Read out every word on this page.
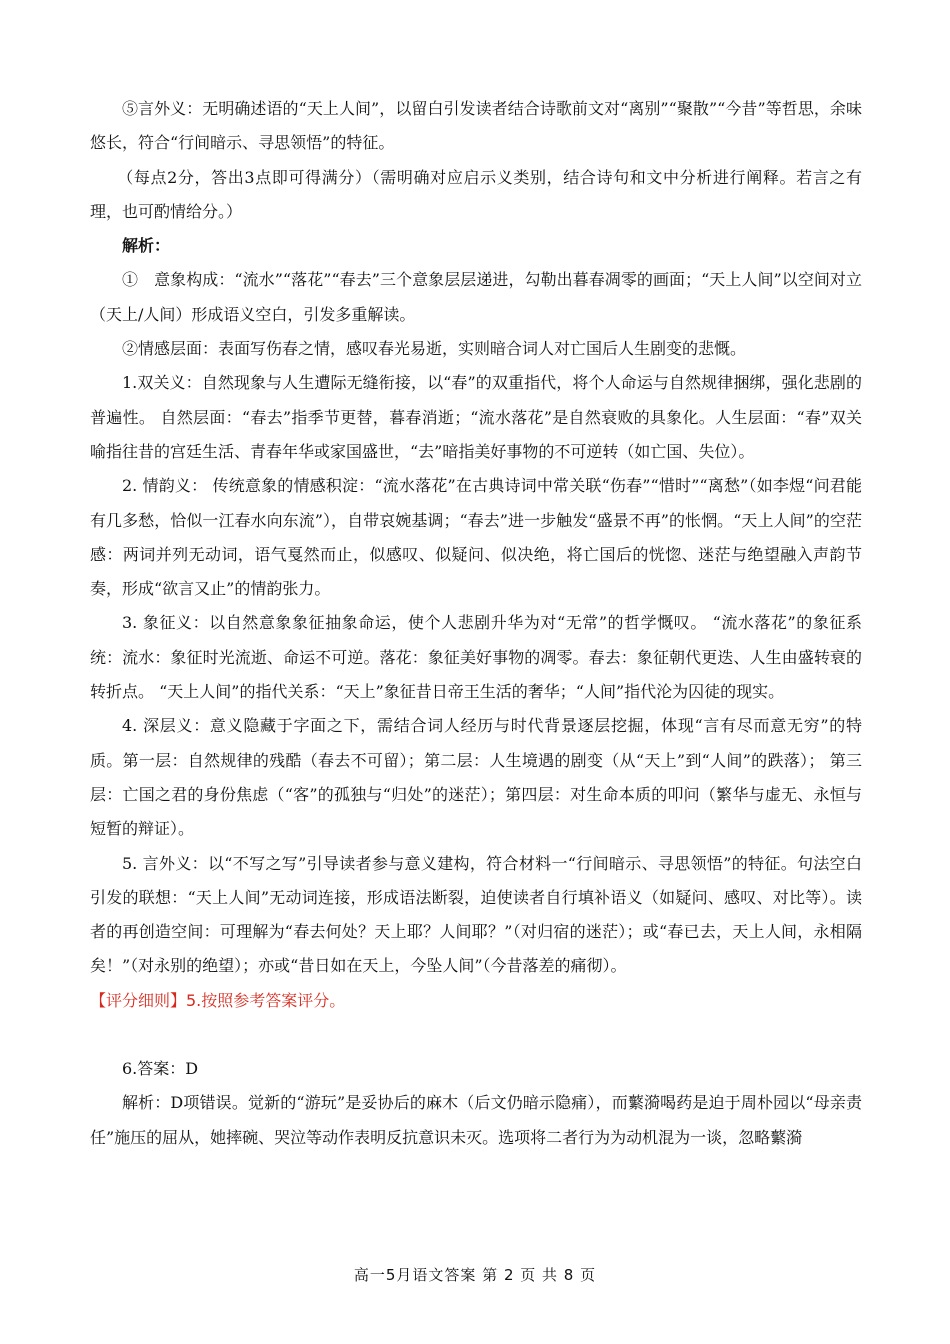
⑤言外义：无明确述语的“天上人间”，以留白引发读者结合诗歌前文对“离别”“聚散”“今昔”等哲思，余味悠长，符合“行间暗示、寻思领悟”的特征。

（每点2分，答出3点即可得满分）（需明确对应启示义类别，结合诗句和文中分析进行阐释。若言之有理，也可酌情给分。）

解析：

①　意象构成：“流水”“落花”“春去”三个意象层层递进，勾勒出暮春凋零的画面；“天上人间”以空间对立（天上/人间）形成语义空白，引发多重解读。

②情感层面：表面写伤春之情，感叹春光易逝，实则暗合词人对亡国后人生剧变的悲慨。

1.双关义：自然现象与人生遭际无缝衔接，以“春”的双重指代，将个人命运与自然规律捆绑，强化悲剧的普遍性。 自然层面：“春去”指季节更替，暮春消逝；“流水落花”是自然衰败的具象化。人生层面：“春”双关喻指往昔的宫廷生活、青春年华或家国盛世，“去”暗指美好事物的不可逆转（如亡国、失位）。

2. 情韵义： 传统意象的情感积淀：“流水落花”在古典诗词中常关联“伤春”“惜时”“离愁”（如李煜“问君能有几多愁，恰似一江春水向东流”），自带哀婉基调；“春去”进一步触发“盛景不再”的怅惘。“天上人间”的空茫感：两词并列无动词，语气戛然而止，似感叹、似疑问、似决绝，将亡国后的恍惚、迷茫与绝望融入声韵节奏，形成“欲言又止”的情韵张力。

3. 象征义：以自然意象象征抽象命运，使个人悲剧升华为对“无常”的哲学慨叹。 “流水落花”的象征系统：流水：象征时光流逝、命运不可逆。落花：象征美好事物的凋零。春去：象征朝代更迭、人生由盛转衰的转折点。 “天上人间”的指代关系：“天上”象征昔日帝王生活的奢华；“人间”指代沦为囚徒的现实。

4. 深层义：意义隐藏于字面之下，需结合词人经历与时代背景逐层挖掘，体现“言有尽而意无穷”的特质。第一层：自然规律的残酷（春去不可留）；第二层：人生境遇的剧变（从“天上”到“人间”的跌落）； 第三层：亡国之君的身份焦虑（“客”的孤独与“归处”的迷茫）；第四层：对生命本质的叩问（繁华与虚无、永恒与短暂的辩证）。

5. 言外义：以“不写之写”引导读者参与意义建构，符合材料一“行间暗示、寻思领悟”的特征。句法空白引发的联想：“天上人间”无动词连接，形成语法断裂，迫使读者自行填补语义（如疑问、感叹、对比等）。读者的再创造空间：可理解为“春去何处？天上耶？人间耶？”（对归宿的迷茫）；或“春已去，天上人间，永相隔矣！”（对永别的绝望）；亦或“昔日如在天上，今坠人间”（今昔落差的痛彻）。

【评分细则】5.按照参考答案评分。

6.答案：D

解析：D项错误。觉新的“游玩”是妥协后的麻木（后文仍暗示隐痛），而蘩漪喝药是迫于周朴园以“母亲责任”施压的屈从，她摔碗、哭泣等动作表明反抗意识未灭。选项将二者行为为动机混为一谈，忽略蘩漪

高一5月语文答案 第 2 页 共 8 页
